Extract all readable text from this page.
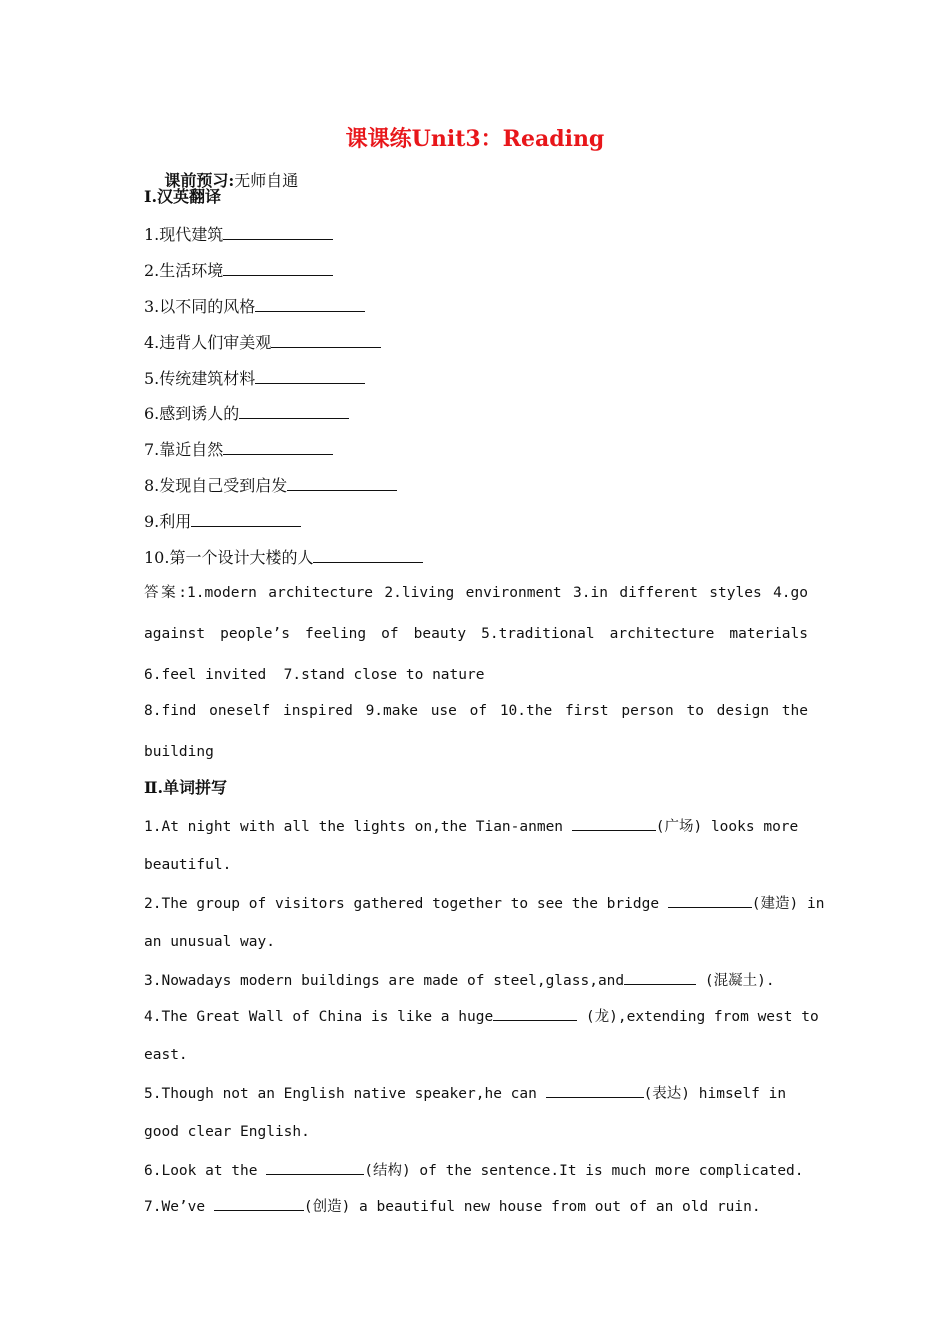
课课练Unit3：Reading

课前预习:无师自通

Ⅰ.汉英翻译
1.现代建筑
2.生活环境
3.以不同的风格
4.违背人们审美观
5.传统建筑材料
6.感到诱人的
7.靠近自然
8.发现自己受到启发
9.利用
10.第一个设计大楼的人
答案:1.modern architecture 2.living environment 3.in different styles 4.go
against people’s feeling of beauty 5.traditional architecture materials
6.feel invited  7.stand close to nature
8.find oneself inspired 9.make use of 10.the first person to design the
building
Ⅱ.单词拼写
1.At night with all the lights on,the Tian-anmen	(广场) looks more
beautiful.
2.The group of visitors gathered together to see the bridge	(建造) in
an unusual way.
3.Nowadays modern buildings are made of steel,glass,and	(混凝土).
4.The Great Wall of China is like a huge	(龙),extending from west to
east.
5.Though not an English native speaker,he can	(表达) himself in
good clear English.
6.Look at the	(结构) of the sentence.It is much more complicated.
7.We’ve	(创造) a beautiful new house from out of an old ruin.
